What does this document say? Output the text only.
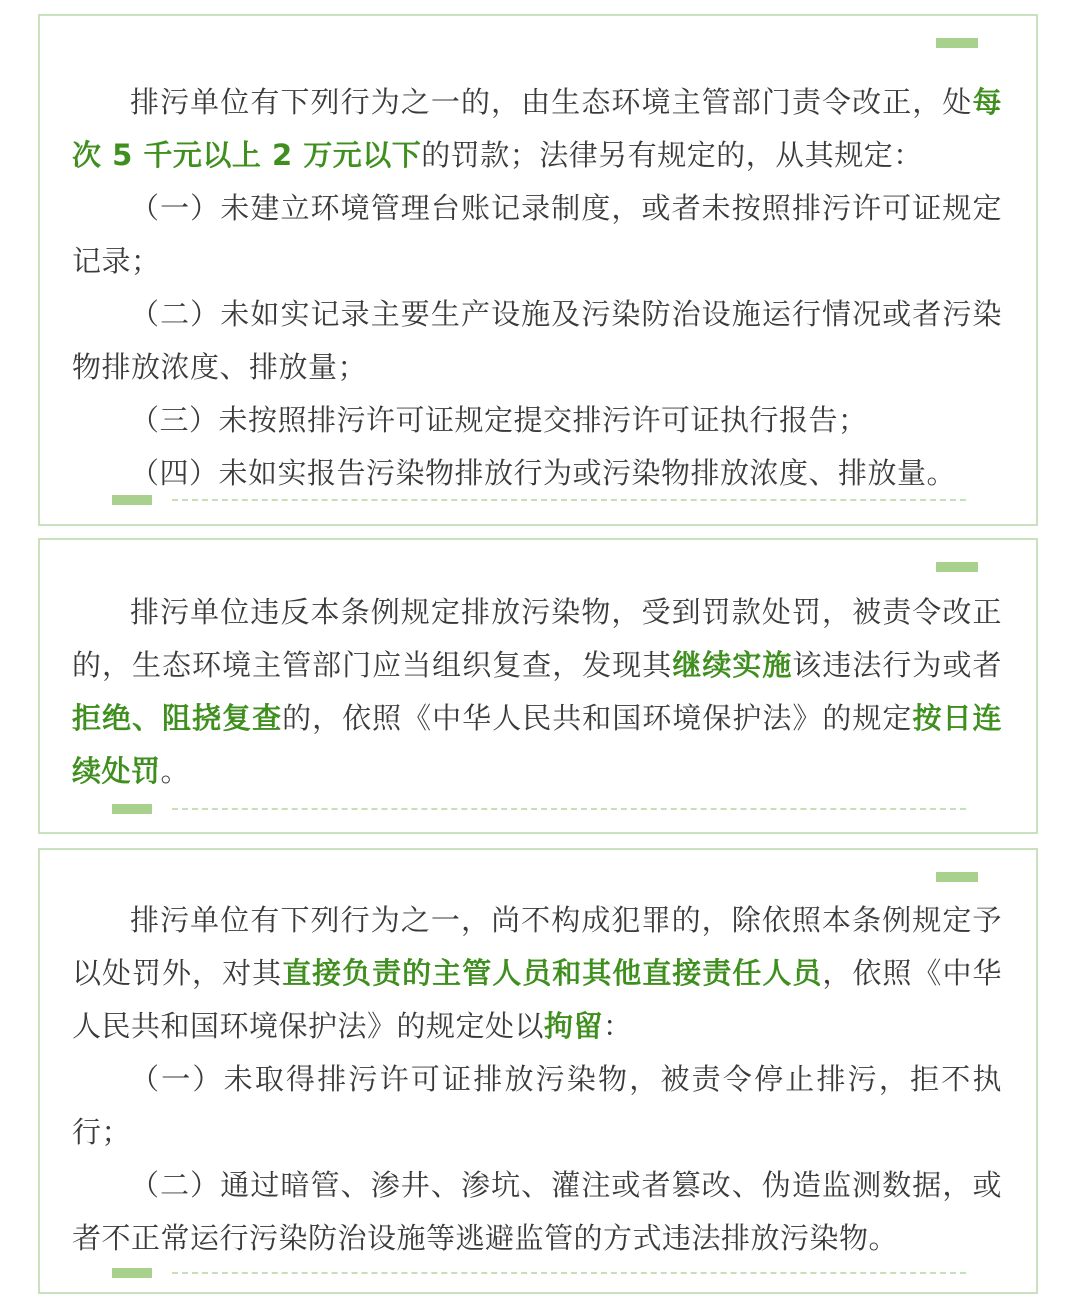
排污单位有下列行为之一的，由生态环境主管部门责令改正，处每次 5 千元以上 2 万元以下的罚款；法律另有规定的，从其规定：

（一）未建立环境管理台账记录制度，或者未按照排污许可证规定记录；

（二）未如实记录主要生产设施及污染防治设施运行情况或者污染物排放浓度、排放量；

（三）未按照排污许可证规定提交排污许可证执行报告；

（四）未如实报告污染物排放行为或污染物排放浓度、排放量。

排污单位违反本条例规定排放污染物，受到罚款处罚，被责令改正的，生态环境主管部门应当组织复查，发现其继续实施该违法行为或者拒绝、阻挠复查的，依照《中华人民共和国环境保护法》的规定按日连续处罚。

排污单位有下列行为之一，尚不构成犯罪的，除依照本条例规定予以处罚外，对其直接负责的主管人员和其他直接责任人员，依照《中华人民共和国环境保护法》的规定处以拘留：

（一）未取得排污许可证排放污染物，被责令停止排污，拒不执行；

（二）通过暗管、渗井、渗坑、灌注或者篡改、伪造监测数据，或者不正常运行污染防治设施等逃避监管的方式违法排放污染物。
